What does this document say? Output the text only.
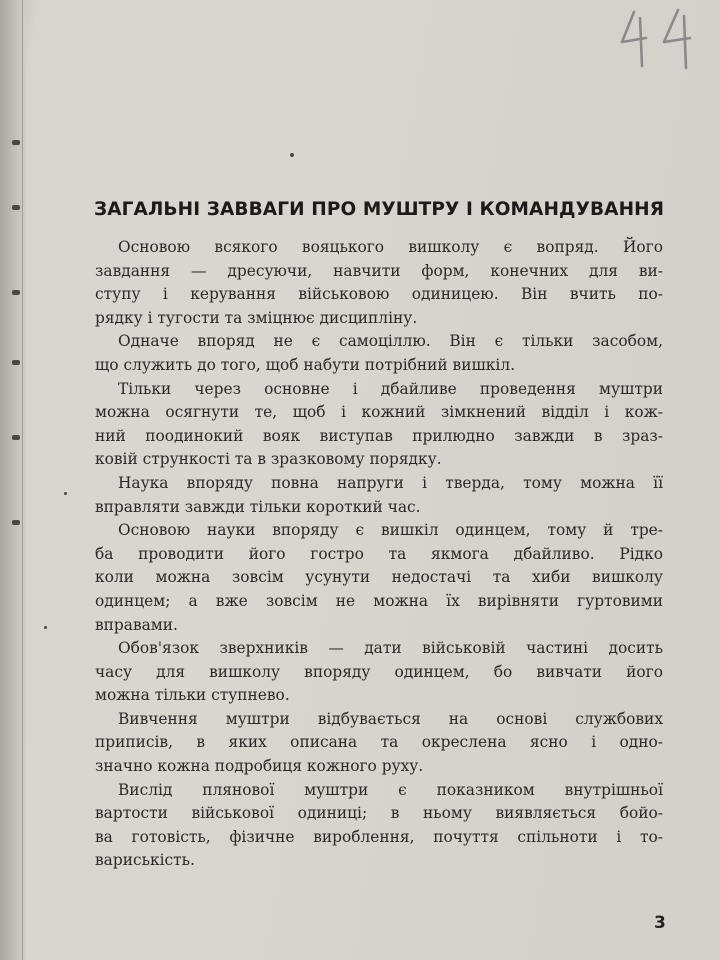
ЗАГАЛЬНІ ЗАВВАГИ ПРО МУШТРУ І КОМАНДУВАННЯ

Основою всякого вояцького вишколу є вопряд. Його
завдання — дресуючи, навчити форм, конечних для ви-
ступу і керування військовою одиницею. Він вчить по-
рядку і тугости та зміцнює дисципліну.

Одначе впоряд не є самоціллю. Він є тільки засобом,
що служить до того, щоб набути потрібний вишкіл.

Тільки через основне і дбайливе проведення муштри
можна осягнути те, щоб і кожний зімкнений відділ і кож-
ний поодинокий вояк виступав прилюдно завжди в зраз-
ковій стрункості та в зразковому порядку.

Наука впоряду повна напруги і тверда, тому можна її
вправляти завжди тільки короткий час.

Основою науки впоряду є вишкіл одинцем, тому й тре-
ба проводити його гостро та якмога дбайливо. Рідко
коли можна зовсім усунути недостачі та хиби вишколу
одинцем; а вже зовсім не можна їх вирівняти гуртовими
вправами.

Обов'язок зверхників — дати військовій частині досить
часу для вишколу впоряду одинцем, бо вивчати його
можна тільки ступнево.

Вивчення муштри відбувається на основі службових
приписів, в яких описана та окреслена ясно і одно-
значно кожна подробиця кожного руху.

Вислід плянової муштри є показником внутрішньої
вартости військової одиниці; в ньому виявляється бойо-
ва готовість, фізичне вироблення, почуття спільноти і то-
вариськість.

3
